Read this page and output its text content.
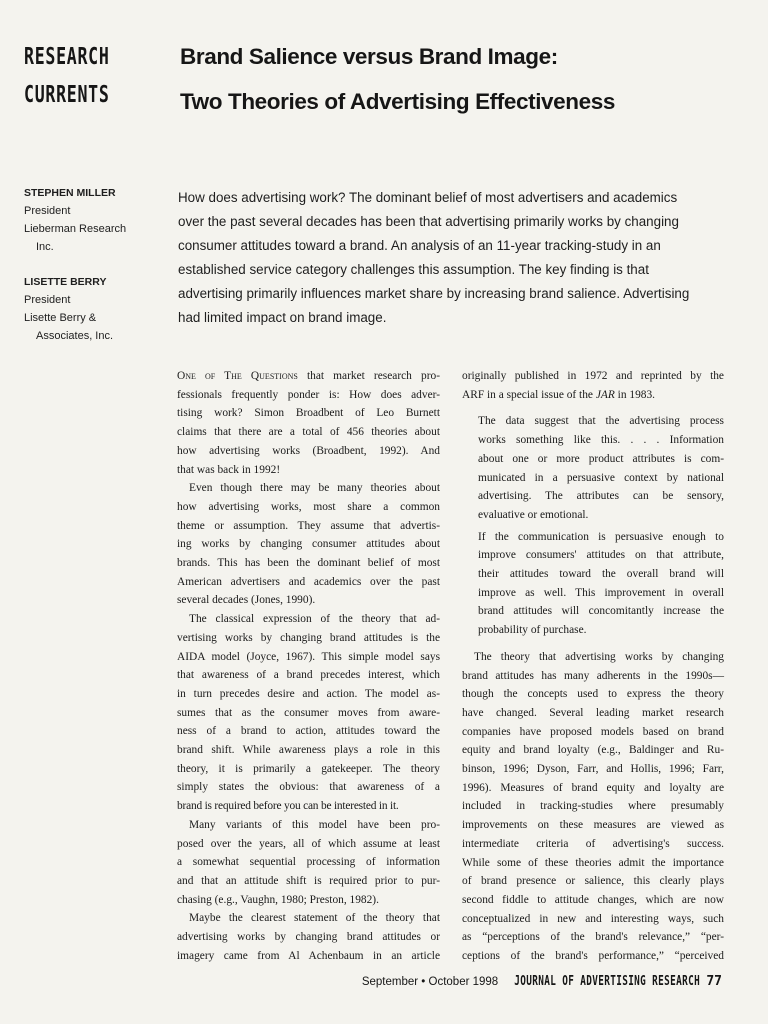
RESEARCH
CURRENTS
Brand Salience versus Brand Image:
Two Theories of Advertising Effectiveness
STEPHEN MILLER
President
Lieberman Research
Inc.
LISETTE BERRY
President
Lisette Berry &
Associates, Inc.
How does advertising work? The dominant belief of most advertisers and academics
over the past several decades has been that advertising primarily works by changing
consumer attitudes toward a brand. An analysis of an 11-year tracking-study in an
established service category challenges this assumption. The key finding is that
advertising primarily influences market share by increasing brand salience. Advertising
had limited impact on brand image.
One of The Questions that market research pro-
fessionals frequently ponder is: How does adver-
tising work? Simon Broadbent of Leo Burnett
claims that there are a total of 456 theories about
how advertising works (Broadbent, 1992). And
that was back in 1992!
Even though there may be many theories about
how advertising works, most share a common
theme or assumption. They assume that advertis-
ing works by changing consumer attitudes about
brands. This has been the dominant belief of most
American advertisers and academics over the past
several decades (Jones, 1990).
The classical expression of the theory that ad-
vertising works by changing brand attitudes is the
AIDA model (Joyce, 1967). This simple model says
that awareness of a brand precedes interest, which
in turn precedes desire and action. The model as-
sumes that as the consumer moves from aware-
ness of a brand to action, attitudes toward the
brand shift. While awareness plays a role in this
theory, it is primarily a gatekeeper. The theory
simply states the obvious: that awareness of a
brand is required before you can be interested in it.
Many variants of this model have been pro-
posed over the years, all of which assume at least
a somewhat sequential processing of information
and that an attitude shift is required prior to pur-
chasing (e.g., Vaughn, 1980; Preston, 1982).
Maybe the clearest statement of the theory that
advertising works by changing brand attitudes or
imagery came from Al Achenbaum in an article
originally published in 1972 and reprinted by the
ARF in a special issue of the JAR in 1983.
The data suggest that the advertising process
works something like this. . . . Information
about one or more product attributes is com-
municated in a persuasive context by national
advertising. The attributes can be sensory,
evaluative or emotional.
If the communication is persuasive enough to
improve consumers' attitudes on that attribute,
their attitudes toward the overall brand will
improve as well. This improvement in overall
brand attitudes will concomitantly increase the
probability of purchase.
The theory that advertising works by changing
brand attitudes has many adherents in the 1990s—
though the concepts used to express the theory
have changed. Several leading market research
companies have proposed models based on brand
equity and brand loyalty (e.g., Baldinger and Ru-
binson, 1996; Dyson, Farr, and Hollis, 1996; Farr,
1996). Measures of brand equity and loyalty are
included in tracking-studies where presumably
improvements on these measures are viewed as
intermediate criteria of advertising's success.
While some of these theories admit the importance
of brand presence or salience, this clearly plays
second fiddle to attitude changes, which are now
conceptualized in new and interesting ways, such
as “perceptions of the brand's relevance,” “per-
ceptions of the brand's performance,” “perceived
September • October 1998 JOURNAL OF ADVERTISING RESEARCH 77
